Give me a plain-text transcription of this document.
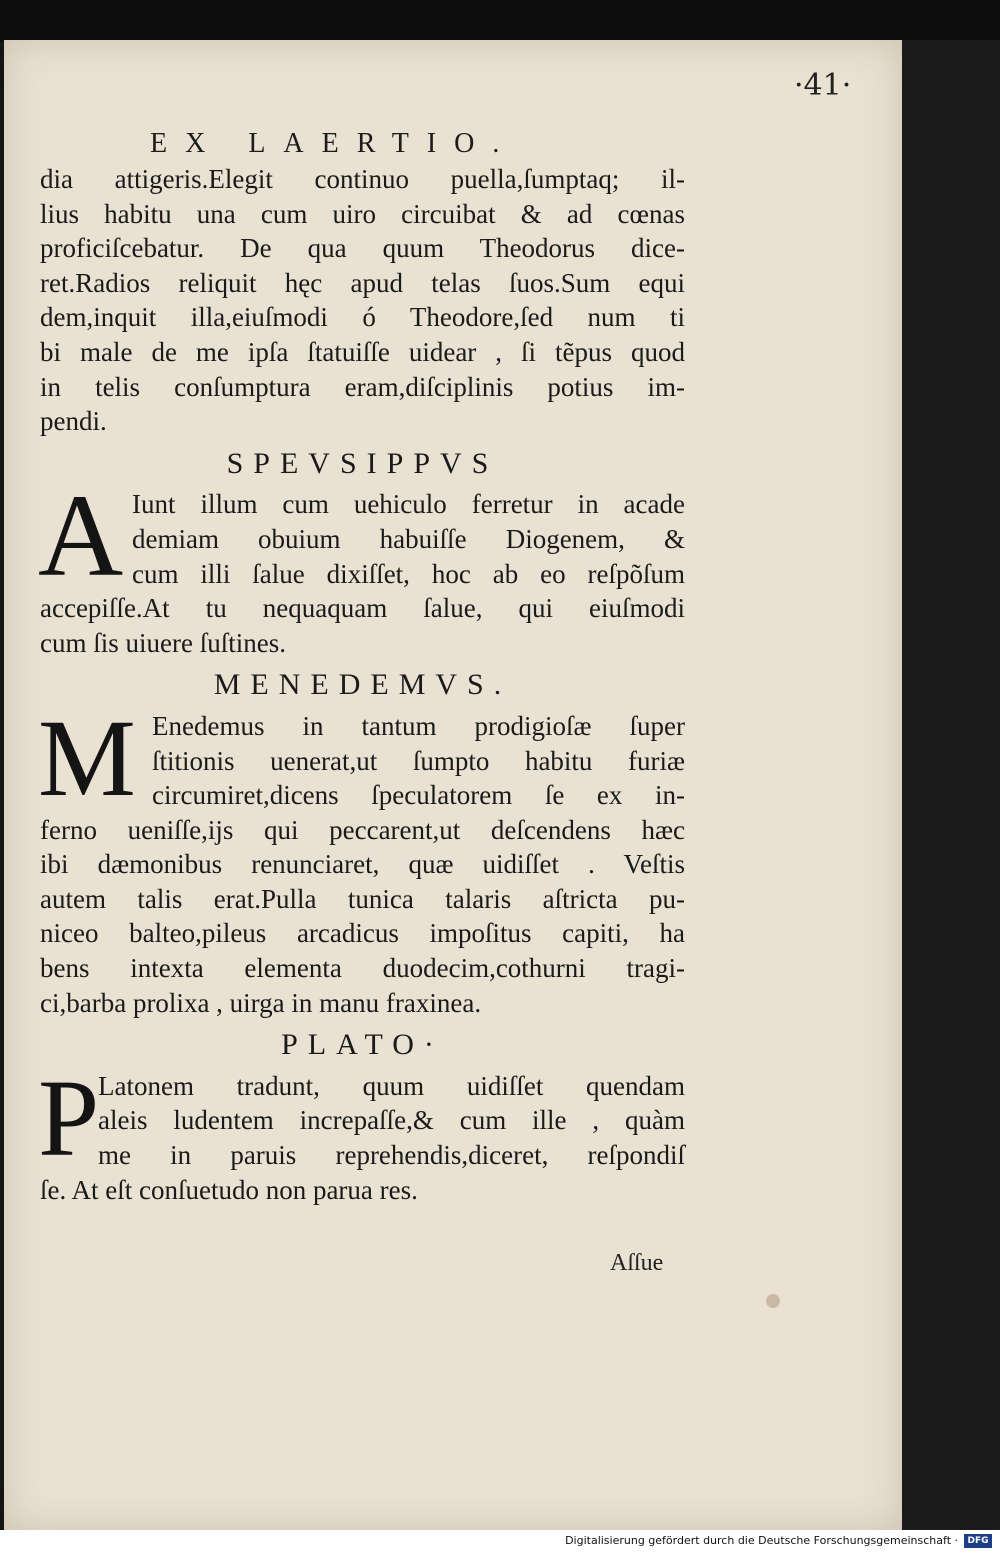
·41·
EX LAERTIO.
dia attigeris.Elegit continuo puella,ſumptaq; il-
lius habitu una cum uiro circuibat & ad cœnas
proficiſcebatur. De qua quum Theodorus dice-
ret.Radios reliquit hęc apud telas ſuos.Sum equi
dem,inquit illa,eiuſmodi ó Theodore,ſed num ti
bi male de me ipſa ſtatuiſſe uidear , ſi tẽpus quod
in telis conſumptura eram,diſciplinis potius im-
pendi.
SPEVSIPPVS
A Iunt illum cum uehiculo ferretur in acade
demiam obuium habuiſſe Diogenem, &
cum illi ſalue dixiſſet, hoc ab eo reſpõſum
accepiſſe.At tu nequaquam ſalue, qui eiuſmodi
cum ſis uiuere ſuſtines.
MENEDEMVS.
M Enedemus in tantum prodigioſæ ſuper
ſtitionis uenerat,ut ſumpto habitu furiæ
circumiret,dicens ſpeculatorem ſe ex in-
ferno ueniſſe,ijs qui peccarent,ut deſcendens hæc
ibi dæmonibus renunciaret, quæ uidiſſet . Veſtis
autem talis erat.Pulla tunica talaris aſtricta pu-
niceo balteo,pileus arcadicus impoſitus capiti, ha
bens intexta elementa duodecim,cothurni tragi-
ci,barba prolixa , uirga in manu fraxinea.
PLATO·
P
Latonem tradunt, quum uidiſſet quendam
aleis ludentem increpaſſe,& cum ille , quàm
me in paruis reprehendis,diceret, reſpondiſ
ſe. At eſt conſuetudo non parua res.
Aſſue
Digitalisierung gefördert durch die Deutsche Forschungsgemeinschaft ·	DFG
